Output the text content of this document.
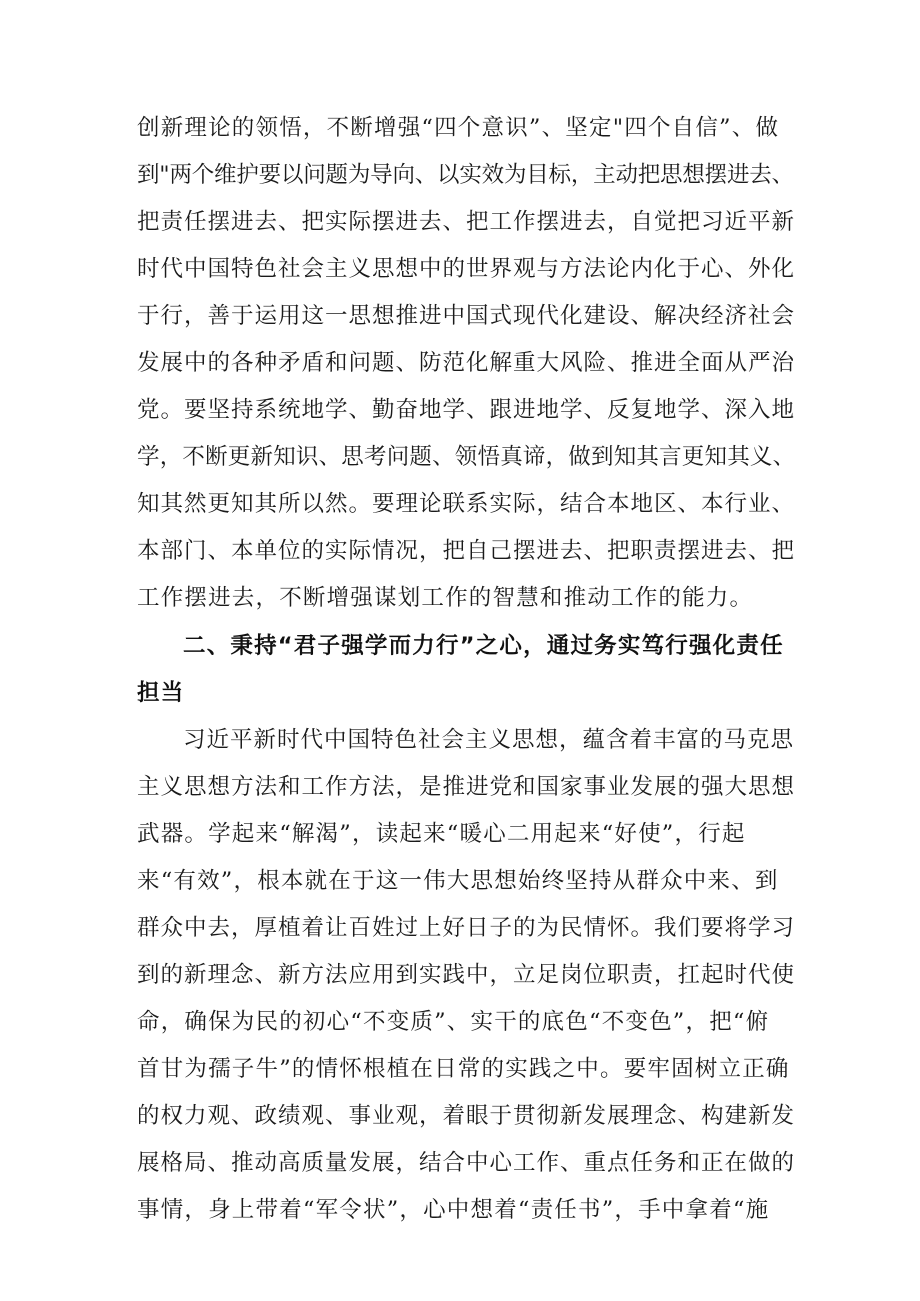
创新理论的领悟，不断增强“四个意识”、坚定"四个自信”、做
到"两个维护要以问题为导向、以实效为目标，主动把思想摆进去、
把责任摆进去、把实际摆进去、把工作摆进去，自觉把习近平新
时代中国特色社会主义思想中的世界观与方法论内化于心、外化
于行，善于运用这一思想推进中国式现代化建设、解决经济社会
发展中的各种矛盾和问题、防范化解重大风险、推进全面从严治
党。要坚持系统地学、勤奋地学、跟进地学、反复地学、深入地
学，不断更新知识、思考问题、领悟真谛，做到知其言更知其义、
知其然更知其所以然。要理论联系实际，结合本地区、本行业、
本部门、本单位的实际情况，把自己摆进去、把职责摆进去、把
工作摆进去，不断增强谋划工作的智慧和推动工作的能力。
二、秉持“君子强学而力行”之心，通过务实笃行强化责任
担当
习近平新时代中国特色社会主义思想，蕴含着丰富的马克思
主义思想方法和工作方法，是推进党和国家事业发展的强大思想
武器。学起来“解渴”，读起来“暖心二用起来“好使”，行起
来“有效”，根本就在于这一伟大思想始终坚持从群众中来、到
群众中去，厚植着让百姓过上好日子的为民情怀。我们要将学习
到的新理念、新方法应用到实践中，立足岗位职责，扛起时代使
命，确保为民的初心“不变质”、实干的底色“不变色”，把“俯
首甘为孺子牛”的情怀根植在日常的实践之中。要牢固树立正确
的权力观、政绩观、事业观，着眼于贯彻新发展理念、构建新发
展格局、推动高质量发展，结合中心工作、重点任务和正在做的
事情，身上带着“军令状”，心中想着“责任书”，手中拿着“施
